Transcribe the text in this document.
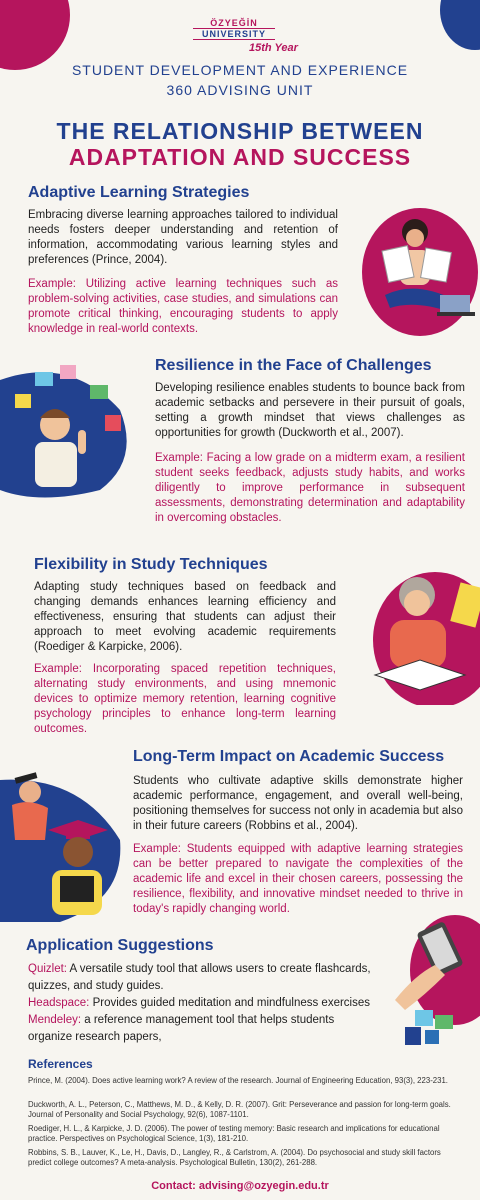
ÖZYEĞİN
UNIVERSITY
15th Year
STUDENT DEVELOPMENT AND EXPERIENCE
360 ADVISING UNIT
THE RELATIONSHIP BETWEEN
ADAPTATION AND SUCCESS
Adaptive Learning Strategies
Embracing diverse learning approaches tailored to individual needs fosters deeper understanding and retention of information, accommodating various learning styles and preferences (Prince, 2004).
Example: Utilizing active learning techniques such as problem-solving activities, case studies, and simulations can promote critical thinking, encouraging students to apply knowledge in real-world contexts.
Resilience in the Face of Challenges
Developing resilience enables students to bounce back from academic setbacks and persevere in their pursuit of goals, setting a growth mindset that views challenges as opportunities for growth (Duckworth et al., 2007).
Example: Facing a low grade on a midterm exam, a resilient student seeks feedback, adjusts study habits, and works diligently to improve performance in subsequent assessments, demonstrating determination and adaptability in overcoming obstacles.
Flexibility in Study Techniques
Adapting study techniques based on feedback and changing demands enhances learning efficiency and effectiveness, ensuring that students can adjust their approach to meet evolving academic requirements (Roediger & Karpicke, 2006).
Example: Incorporating spaced repetition techniques, alternating study environments, and using mnemonic devices to optimize memory retention, learning cognitive psychology principles to enhance long-term learning outcomes.
Long-Term Impact on Academic Success
Students who cultivate adaptive skills demonstrate higher academic performance, engagement, and overall well-being, positioning themselves for success not only in academia but also in their future careers (Robbins et al., 2004).
Example: Students equipped with adaptive learning strategies can be better prepared to navigate the complexities of the academic life and excel in their chosen careers, possessing the resilience, flexibility, and innovative mindset needed to thrive in today's rapidly changing world.
Application Suggestions
Quizlet: A versatile study tool that allows users to create flashcards,
quizzes, and study guides.
Headspace: Provides guided meditation and mindfulness exercises
Mendeley: a reference management tool that helps students
organize research papers,
References
Prince, M. (2004). Does active learning work? A review of the research. Journal of Engineering Education, 93(3), 223-231.
Duckworth, A. L., Peterson, C., Matthews, M. D., & Kelly, D. R. (2007). Grit: Perseverance and passion for long-term goals. Journal of Personality and Social Psychology, 92(6), 1087-1101.
Roediger, H. L., & Karpicke, J. D. (2006). The power of testing memory: Basic research and implications for educational practice. Perspectives on Psychological Science, 1(3), 181-210.
Robbins, S. B., Lauver, K., Le, H., Davis, D., Langley, R., & Carlstrom, A. (2004). Do psychosocial and study skill factors predict college outcomes? A meta-analysis. Psychological Bulletin, 130(2), 261-288.
Contact: advising@ozyegin.edu.tr
